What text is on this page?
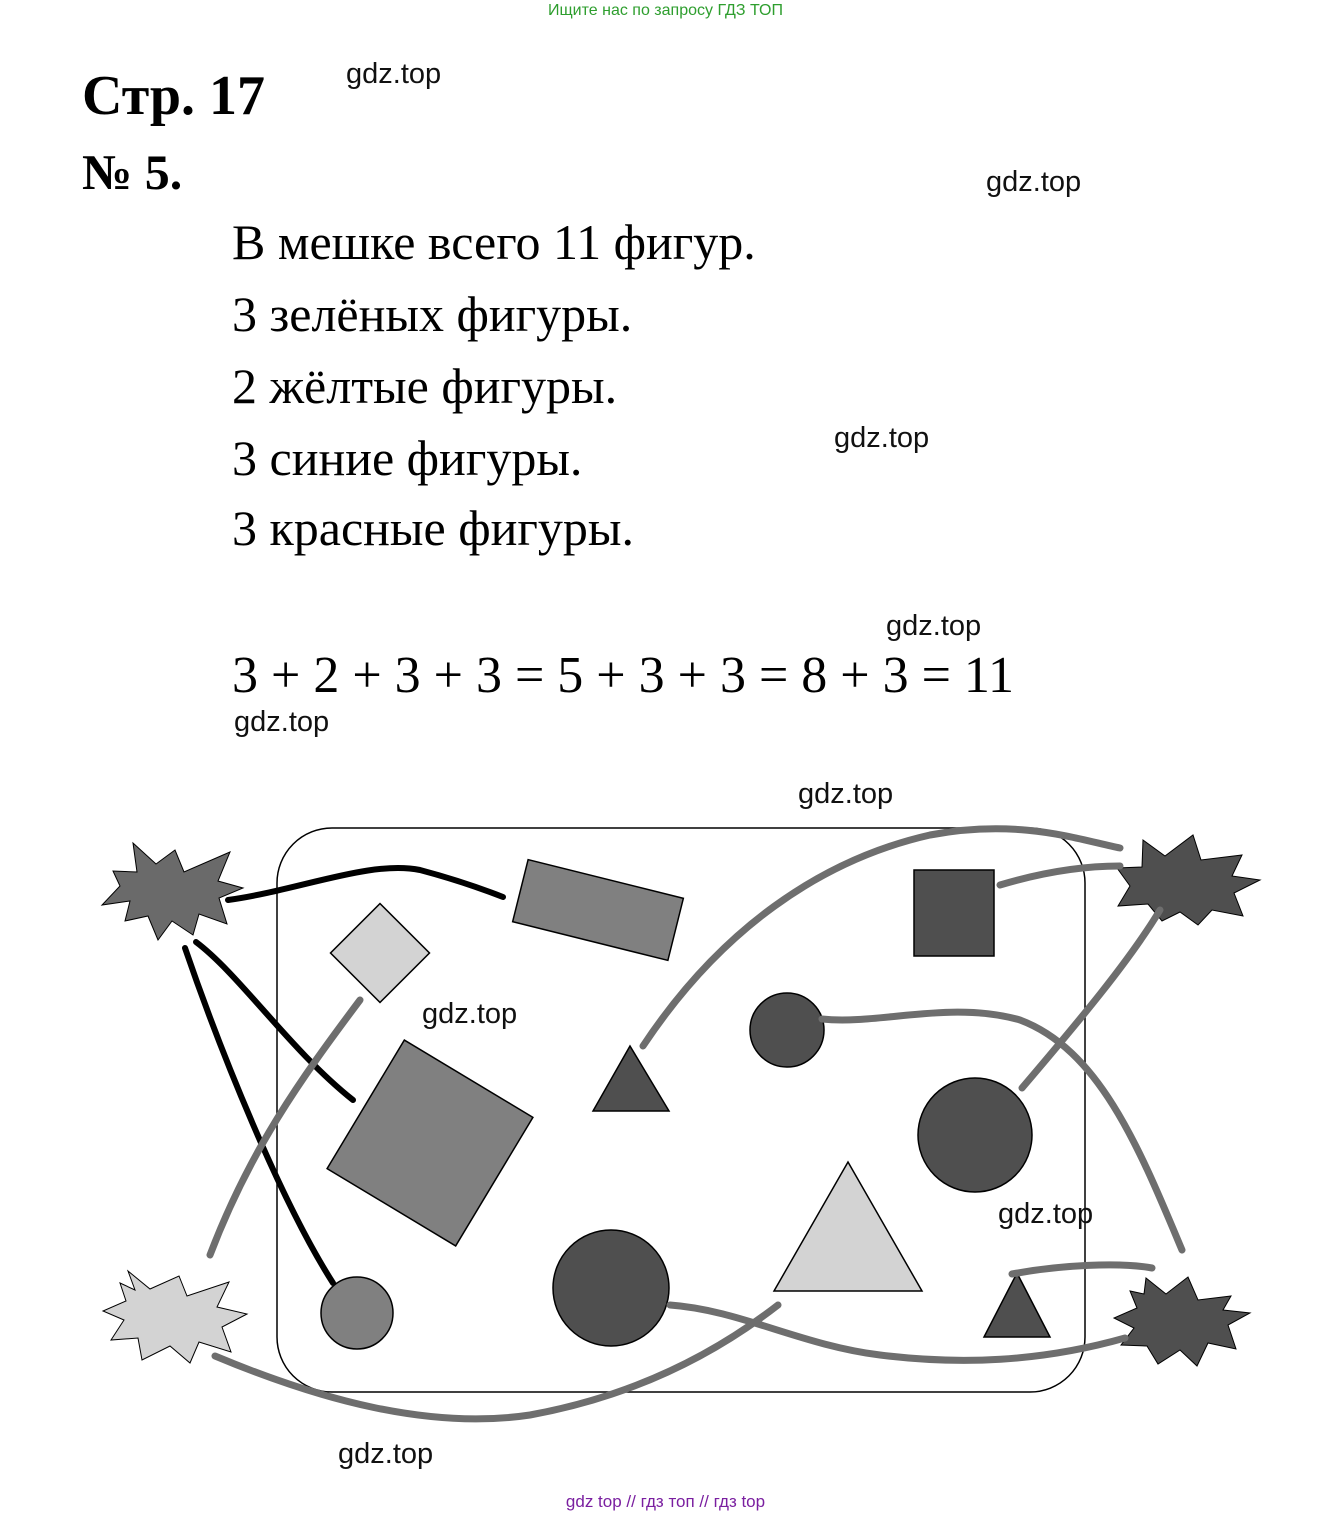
Ищите нас по запросу ГДЗ ТОП
Стр. 17
№ 5.
В мешке всего 11 фигур.
3 зелёных фигуры.
2 жёлтые фигуры.
3 синие фигуры.
3 красные фигуры.
3 + 2 + 3 + 3 = 5 + 3 + 3 = 8 + 3 = 11
gdz.top
gdz.top
gdz.top
gdz.top
gdz.top
gdz.top
gdz.top
gdz.top
gdz.top
gdz top // гдз топ // гдз top
